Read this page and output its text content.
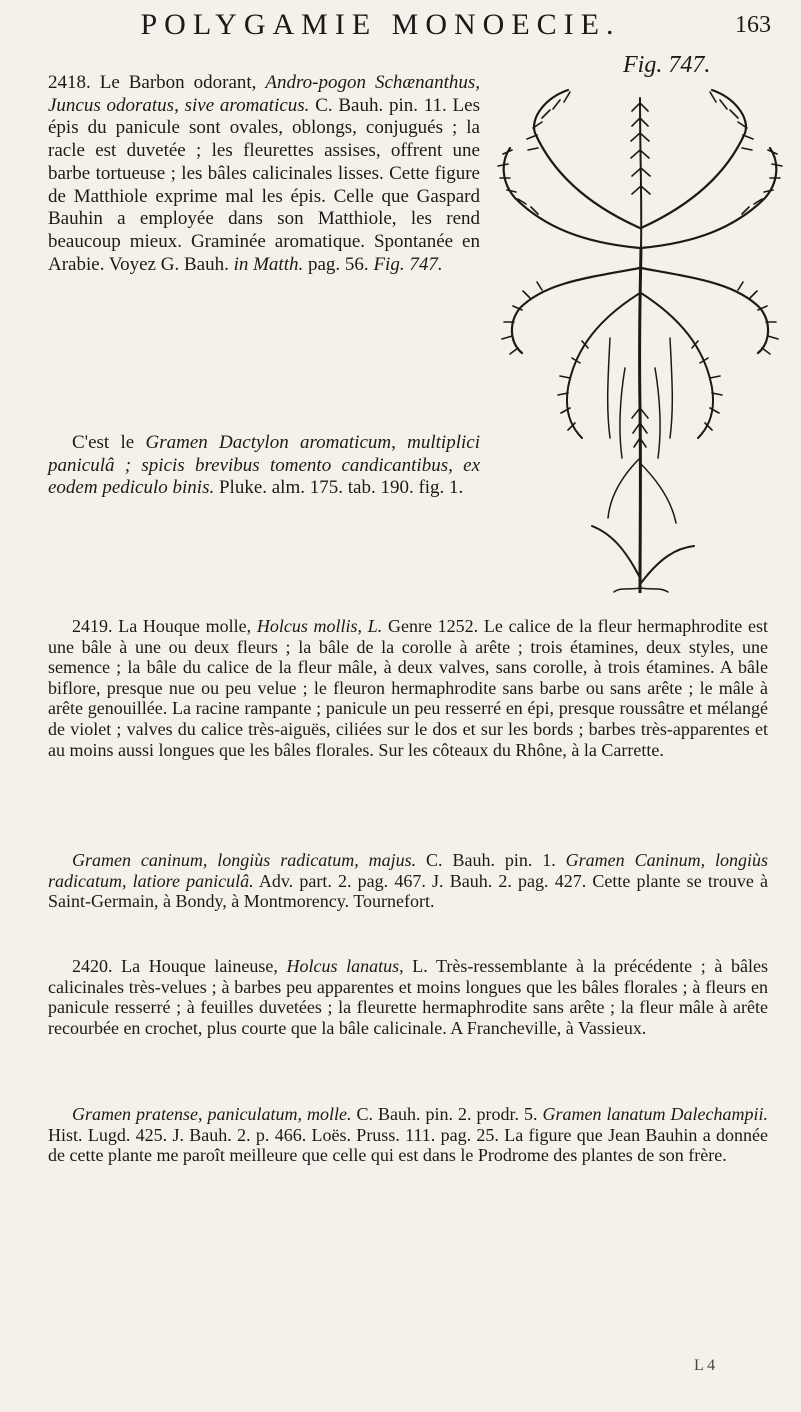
POLYGAMIE MONOECIE.	163
Fig. 747.

2418. Le Barbon odorant, Andro-pogon Schænanthus, Juncus odoratus, sive aromaticus. C. Bauh. pin. 11. Les épis du panicule sont ovales, oblongs, conjugués ; la racle est duvetée ; les fleurettes assises, offrent une barbe tortueuse ; les bâles calicinales lisses. Cette figure de Matthiole exprime mal les épis. Celle que Gaspard Bauhin a employée dans son Matthiole, les rend beaucoup mieux. Graminée aromatique. Spontanée en Arabie. Voyez G. Bauh. in Matth. pag. 56. Fig. 747.

C'est le Gramen Dactylon aromaticum, multiplici paniculâ ; spicis brevibus tomento candicantibus, ex eodem pediculo binis. Pluke. alm. 175. tab. 190. fig. 1.

2419. La Houque molle, Holcus mollis, L. Genre 1252. Le calice de la fleur hermaphrodite est une bâle à une ou deux fleurs ; la bâle de la corolle à arête ; trois étamines, deux styles, une semence ; la bâle du calice de la fleur mâle, à deux valves, sans corolle, à trois étamines. A bâle biflore, presque nue ou peu velue ; le fleuron hermaphrodite sans barbe ou sans arête ; le mâle à arête genouillée. La racine rampante ; panicule un peu resserré en épi, presque roussâtre et mélangé de violet ; valves du calice très-aiguës, ciliées sur le dos et sur les bords ; barbes très-apparentes et au moins aussi longues que les bâles florales. Sur les côteaux du Rhône, à la Carrette.

Gramen caninum, longiùs radicatum, majus. C. Bauh. pin. 1. Gramen Caninum, longiùs radicatum, latiore paniculâ. Adv. part. 2. pag. 467. J. Bauh. 2. pag. 427. Cette plante se trouve à Saint-Germain, à Bondy, à Montmorency. Tournefort.

2420. La Houque laineuse, Holcus lanatus, L. Très-ressemblante à la précédente ; à bâles calicinales très-velues ; à barbes peu apparentes et moins longues que les bâles florales ; à fleurs en panicule resserré ; à feuilles duvetées ; la fleurette hermaphrodite sans arête ; la fleur mâle à arête recourbée en crochet, plus courte que la bâle calicinale. A Francheville, à Vassieux.

Gramen pratense, paniculatum, molle. C. Bauh. pin. 2. prodr. 5. Gramen lanatum Dalechampii. Hist. Lugd. 425. J. Bauh. 2. p. 466. Loës. Pruss. 111. pag. 25. La figure que Jean Bauhin a donnée de cette plante me paroît meilleure que celle qui est dans le Prodrome des plantes de son frère.

L 4
